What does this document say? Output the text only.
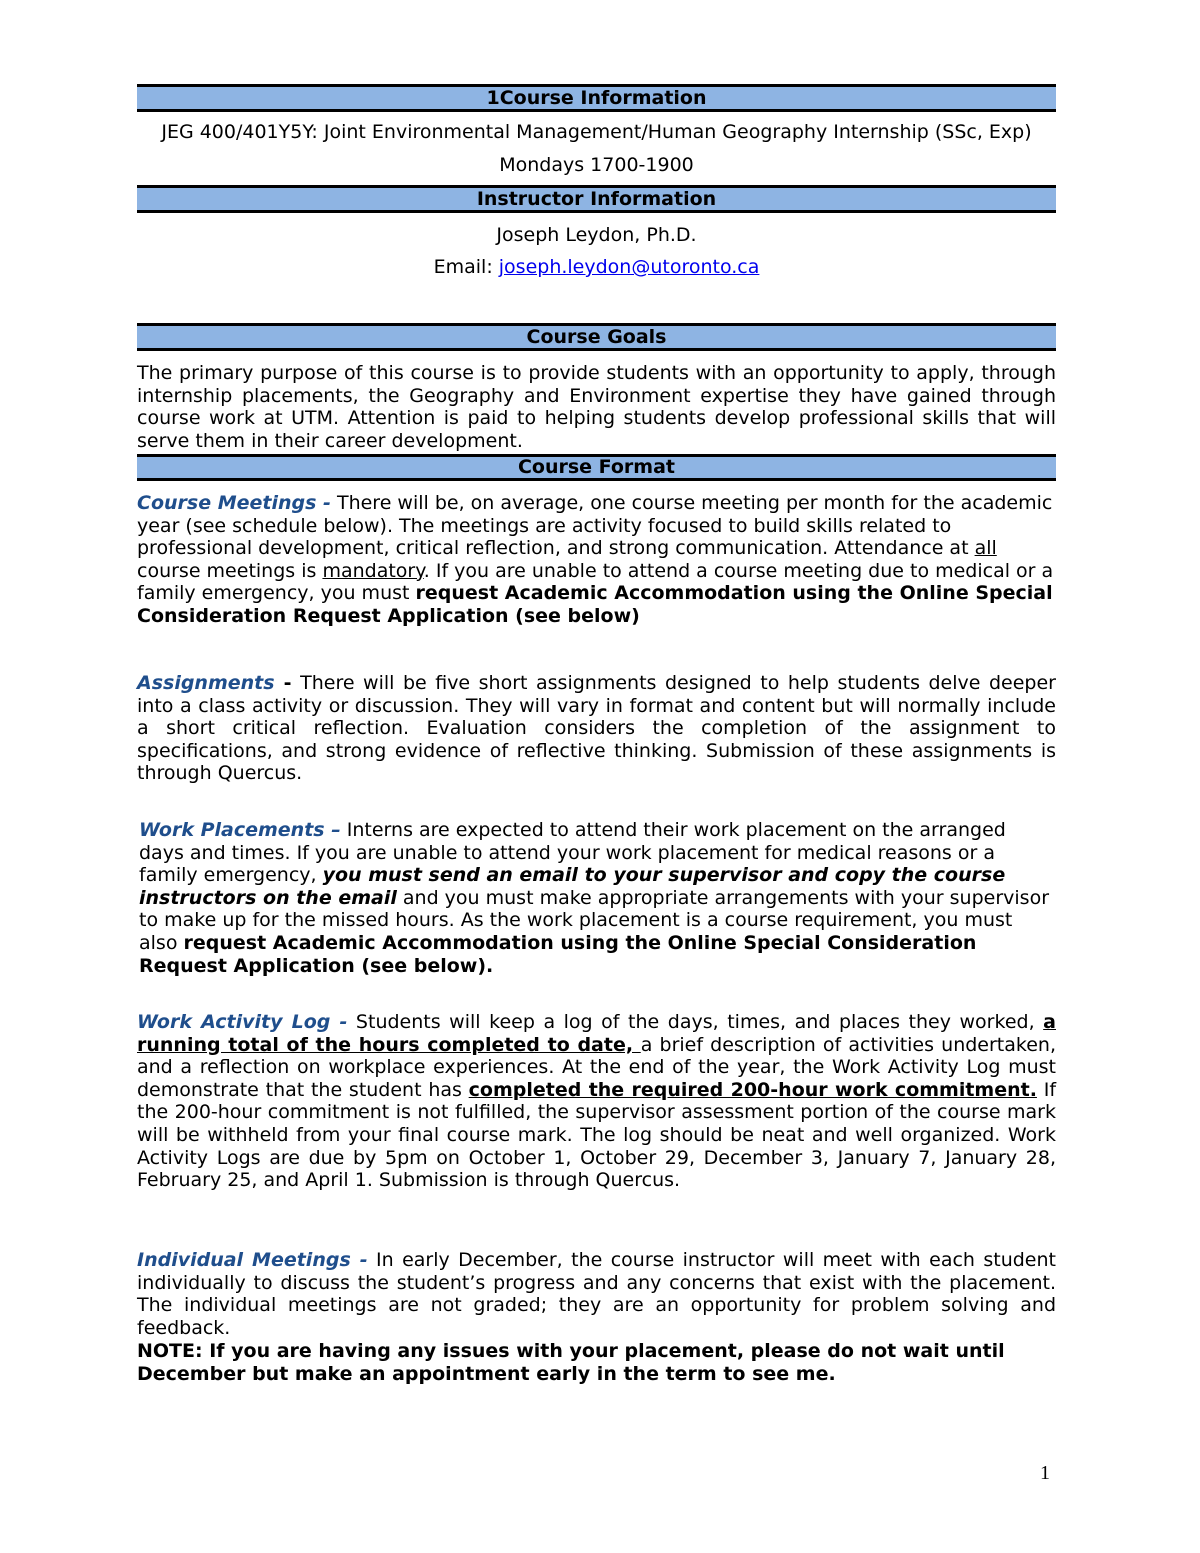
1Course Information
JEG 400/401Y5Y: Joint Environmental Management/Human Geography Internship (SSc, Exp)
Mondays 1700-1900
Instructor Information
Joseph Leydon, Ph.D.
Email: joseph.leydon@utoronto.ca
Course Goals
The primary purpose of this course is to provide students with an opportunity to apply, through internship placements, the Geography and Environment expertise they have gained through course work at UTM. Attention is paid to helping students develop professional skills that will serve them in their career development.
Course Format
Course Meetings - There will be, on average, one course meeting per month for the academic year (see schedule below). The meetings are activity focused to build skills related to professional development, critical reflection, and strong communication. Attendance at all course meetings is mandatory. If you are unable to attend a course meeting due to medical or a family emergency, you must request Academic Accommodation using the Online Special Consideration Request Application (see below)
Assignments - There will be five short assignments designed to help students delve deeper into a class activity or discussion. They will vary in format and content but will normally include a short critical reflection. Evaluation considers the completion of the assignment to specifications, and strong evidence of reflective thinking. Submission of these assignments is through Quercus.
Work Placements – Interns are expected to attend their work placement on the arranged days and times. If you are unable to attend your work placement for medical reasons or a family emergency, you must send an email to your supervisor and copy the course instructors on the email and you must make appropriate arrangements with your supervisor to make up for the missed hours. As the work placement is a course requirement, you must also request Academic Accommodation using the Online Special Consideration Request Application (see below).
Work Activity Log - Students will keep a log of the days, times, and places they worked, a running total of the hours completed to date, a brief description of activities undertaken, and a reflection on workplace experiences. At the end of the year, the Work Activity Log must demonstrate that the student has completed the required 200-hour work commitment. If the 200-hour commitment is not fulfilled, the supervisor assessment portion of the course mark will be withheld from your final course mark. The log should be neat and well organized. Work Activity Logs are due by 5pm on October 1, October 29, December 3, January 7, January 28, February 25, and April 1. Submission is through Quercus.
Individual Meetings - In early December, the course instructor will meet with each student individually to discuss the student’s progress and any concerns that exist with the placement. The individual meetings are not graded; they are an opportunity for problem solving and feedback.
NOTE: If you are having any issues with your placement, please do not wait until December but make an appointment early in the term to see me.
1
